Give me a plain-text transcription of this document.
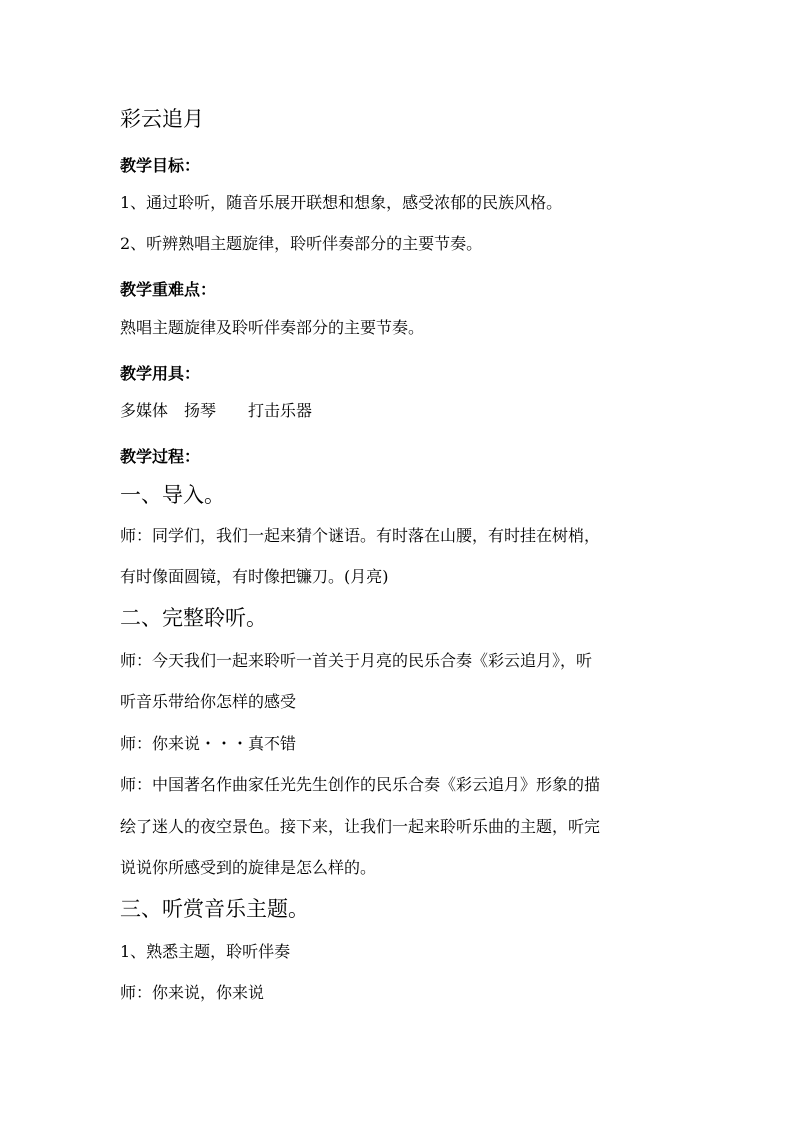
彩云追月
教学目标：
1、通过聆听，随音乐展开联想和想象，感受浓郁的民族风格。
2、听辨熟唱主题旋律，聆听伴奏部分的主要节奏。
教学重难点：
熟唱主题旋律及聆听伴奏部分的主要节奏。
教学用具：
多媒体　扬琴　　打击乐器
教学过程：
一、导入。
师：同学们，我们一起来猜个谜语。有时落在山腰，有时挂在树梢，
有时像面圆镜，有时像把镰刀。(月亮)
二、完整聆听。
师：今天我们一起来聆听一首关于月亮的民乐合奏《彩云追月》，听
听音乐带给你怎样的感受
师：你来说・・・真不错
师：中国著名作曲家任光先生创作的民乐合奏《彩云追月》形象的描
绘了迷人的夜空景色。接下来，让我们一起来聆听乐曲的主题，听完
说说你所感受到的旋律是怎么样的。
三、听赏音乐主题。
1、熟悉主题，聆听伴奏
师：你来说，你来说
